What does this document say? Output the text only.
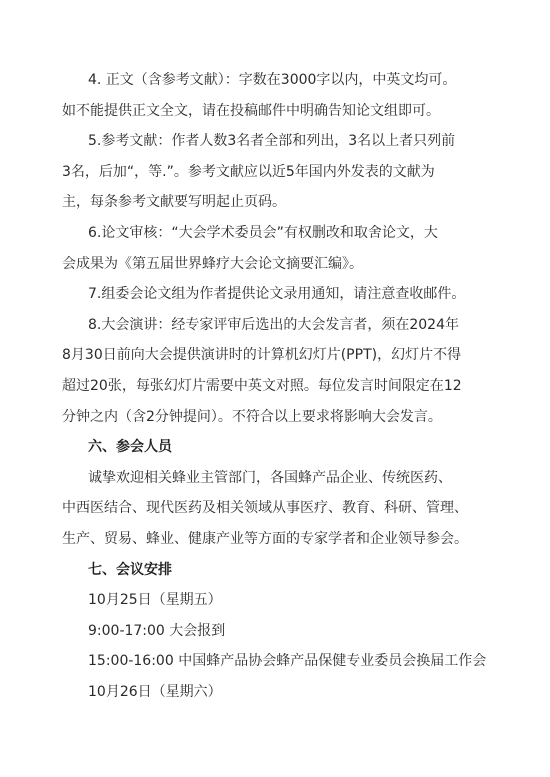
4. 正文（含参考文献）：字数在3000字以内，中英文均可。
如不能提供正文全文，请在投稿邮件中明确告知论文组即可。
5.参考文献：作者人数3名者全部和列出，3名以上者只列前
3名，后加“，等.”。参考文献应以近5年国内外发表的文献为
主，每条参考文献要写明起止页码。
6.论文审核：“大会学术委员会”有权删改和取舍论文，大
会成果为《第五届世界蜂疗大会论文摘要汇编》。
7.组委会论文组为作者提供论文录用通知，请注意查收邮件。
8.大会演讲：经专家评审后选出的大会发言者，须在2024年
8月30日前向大会提供演讲时的计算机幻灯片(PPT)，幻灯片不得
超过20张，每张幻灯片需要中英文对照。每位发言时间限定在12
分钟之内（含2分钟提问）。不符合以上要求将影响大会发言。
六、参会人员
诚挚欢迎相关蜂业主管部门，各国蜂产品企业、传统医药、
中西医结合、现代医药及相关领域从事医疗、教育、科研、管理、
生产、贸易、蜂业、健康产业等方面的专家学者和企业领导参会。
七、会议安排
10月25日（星期五）
9:00-17:00 大会报到
15:00-16:00 中国蜂产品协会蜂产品保健专业委员会换届工作会
10月26日（星期六）
